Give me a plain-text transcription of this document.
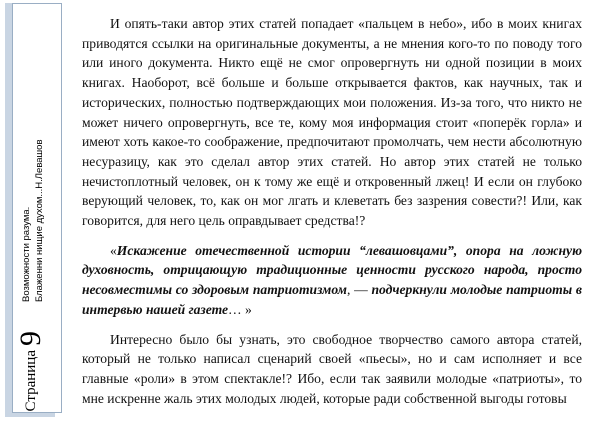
Страница 9
Возможности разума. Блаженни нищие духом...Н.Левашов

И опять-таки автор этих статей попадает «пальцем в небо», ибо в моих книгах приводятся ссылки на оригинальные документы, а не мнения кого-то по поводу того или иного документа. Никто ещё не смог опровергнуть ни одной позиции в моих книгах. Наоборот, всё больше и больше открывается фактов, как научных, так и исторических, полностью подтверждающих мои положения. Из-за того, что никто не может ничего опровергнуть, все те, кому моя информация стоит «поперёк горла» и имеют хоть какое-то соображение, предпочитают промолчать, чем нести абсолютную несуразицу, как это сделал автор этих статей. Но автор этих статей не только нечистоплотный человек, он к тому же ещё и откровенный лжец! И если он глубоко верующий человек, то, как он мог лгать и клеветать без зазрения совести?! Или, как говорится, для него цель оправдывает средства!?

«Искажение отечественной истории “левашовцами”, опора на ложную духовность, отрицающую традиционные ценности русского народа, просто несовместимы со здоровым патриотизмом, — подчеркнули молодые патриоты в интервью нашей газете… »

Интересно было бы узнать, это свободное творчество самого автора статей, который не только написал сценарий своей «пьесы», но и сам исполняет и все главные «роли» в этом спектакле!? Ибо, если так заявили молодые «патриоты», то мне искренне жаль этих молодых людей, которые ради собственной выгоды готовы
